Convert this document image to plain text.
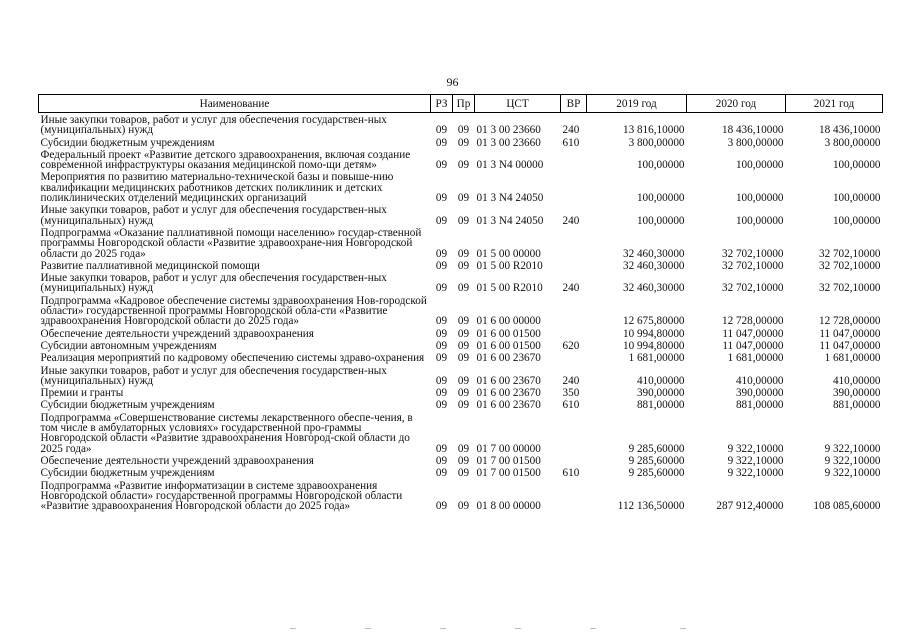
96
Наименование	РЗ	Пр	ЦСТ	ВР	2019 год	2020 год	2021 год
Иные закупки товаров, работ и услуг для обеспечения государствен-ных (муниципальных) нужд	09	09	01 3 00 23660	240	13 816,10000	18 436,10000	18 436,10000
Субсидии бюджетным учреждениям	09	09	01 3 00 23660	610	3 800,00000	3 800,00000	3 800,00000
Федеральный проект «Развитие детского здравоохранения, включая создание современной инфраструктуры оказания медицинской помо-щи детям»	09	09	01 3 N4 00000		100,00000	100,00000	100,00000
Мероприятия по развитию материально-технической базы и повыше-нию квалификации медицинских работников детских поликлиник и детских поликлинических отделений медицинских организаций	09	09	01 3 N4 24050		100,00000	100,00000	100,00000
Иные закупки товаров, работ и услуг для обеспечения государствен-ных (муниципальных) нужд	09	09	01 3 N4 24050	240	100,00000	100,00000	100,00000
Подпрограмма «Оказание паллиативной помощи населению» государ-ственной программы Новгородской области «Развитие здравоохране-ния Новгородской области до 2025 года»	09	09	01 5 00 00000		32 460,30000	32 702,10000	32 702,10000
Развитие паллиативной медицинской помощи	09	09	01 5 00 R2010		32 460,30000	32 702,10000	32 702,10000
Иные закупки товаров, работ и услуг для обеспечения государствен-ных (муниципальных) нужд	09	09	01 5 00 R2010	240	32 460,30000	32 702,10000	32 702,10000
Подпрограмма «Кадровое обеспечение системы здравоохранения Нов-городской области» государственной программы Новгородской обла-сти «Развитие здравоохранения Новгородской области до 2025 года»	09	09	01 6 00 00000		12 675,80000	12 728,00000	12 728,00000
Обеспечение деятельности учреждений здравоохранения	09	09	01 6 00 01500		10 994,80000	11 047,00000	11 047,00000
Субсидии автономным учреждениям	09	09	01 6 00 01500	620	10 994,80000	11 047,00000	11 047,00000
Реализация мероприятий по кадровому обеспечению системы здраво-охранения	09	09	01 6 00 23670		1 681,00000	1 681,00000	1 681,00000
Иные закупки товаров, работ и услуг для обеспечения государствен-ных (муниципальных) нужд	09	09	01 6 00 23670	240	410,00000	410,00000	410,00000
Премии и гранты	09	09	01 6 00 23670	350	390,00000	390,00000	390,00000
Субсидии бюджетным учреждениям	09	09	01 6 00 23670	610	881,00000	881,00000	881,00000
Подпрограмма «Совершенствование системы лекарственного обеспе-чения, в том числе в амбулаторных условиях» государственной про-граммы Новгородской области «Развитие здравоохранения Новгород-ской области до 2025 года»	09	09	01 7 00 00000		9 285,60000	9 322,10000	9 322,10000
Обеспечение деятельности учреждений здравоохранения	09	09	01 7 00 01500		9 285,60000	9 322,10000	9 322,10000
Субсидии бюджетным учреждениям	09	09	01 7 00 01500	610	9 285,60000	9 322,10000	9 322,10000
Подпрограмма «Развитие информатизации в системе здравоохранения Новгородской области» государственной программы Новгородской области «Развитие здравоохранения Новгородской области до 2025 года»	09	09	01 8 00 00000		112 136,50000	287 912,40000	108 085,60000
